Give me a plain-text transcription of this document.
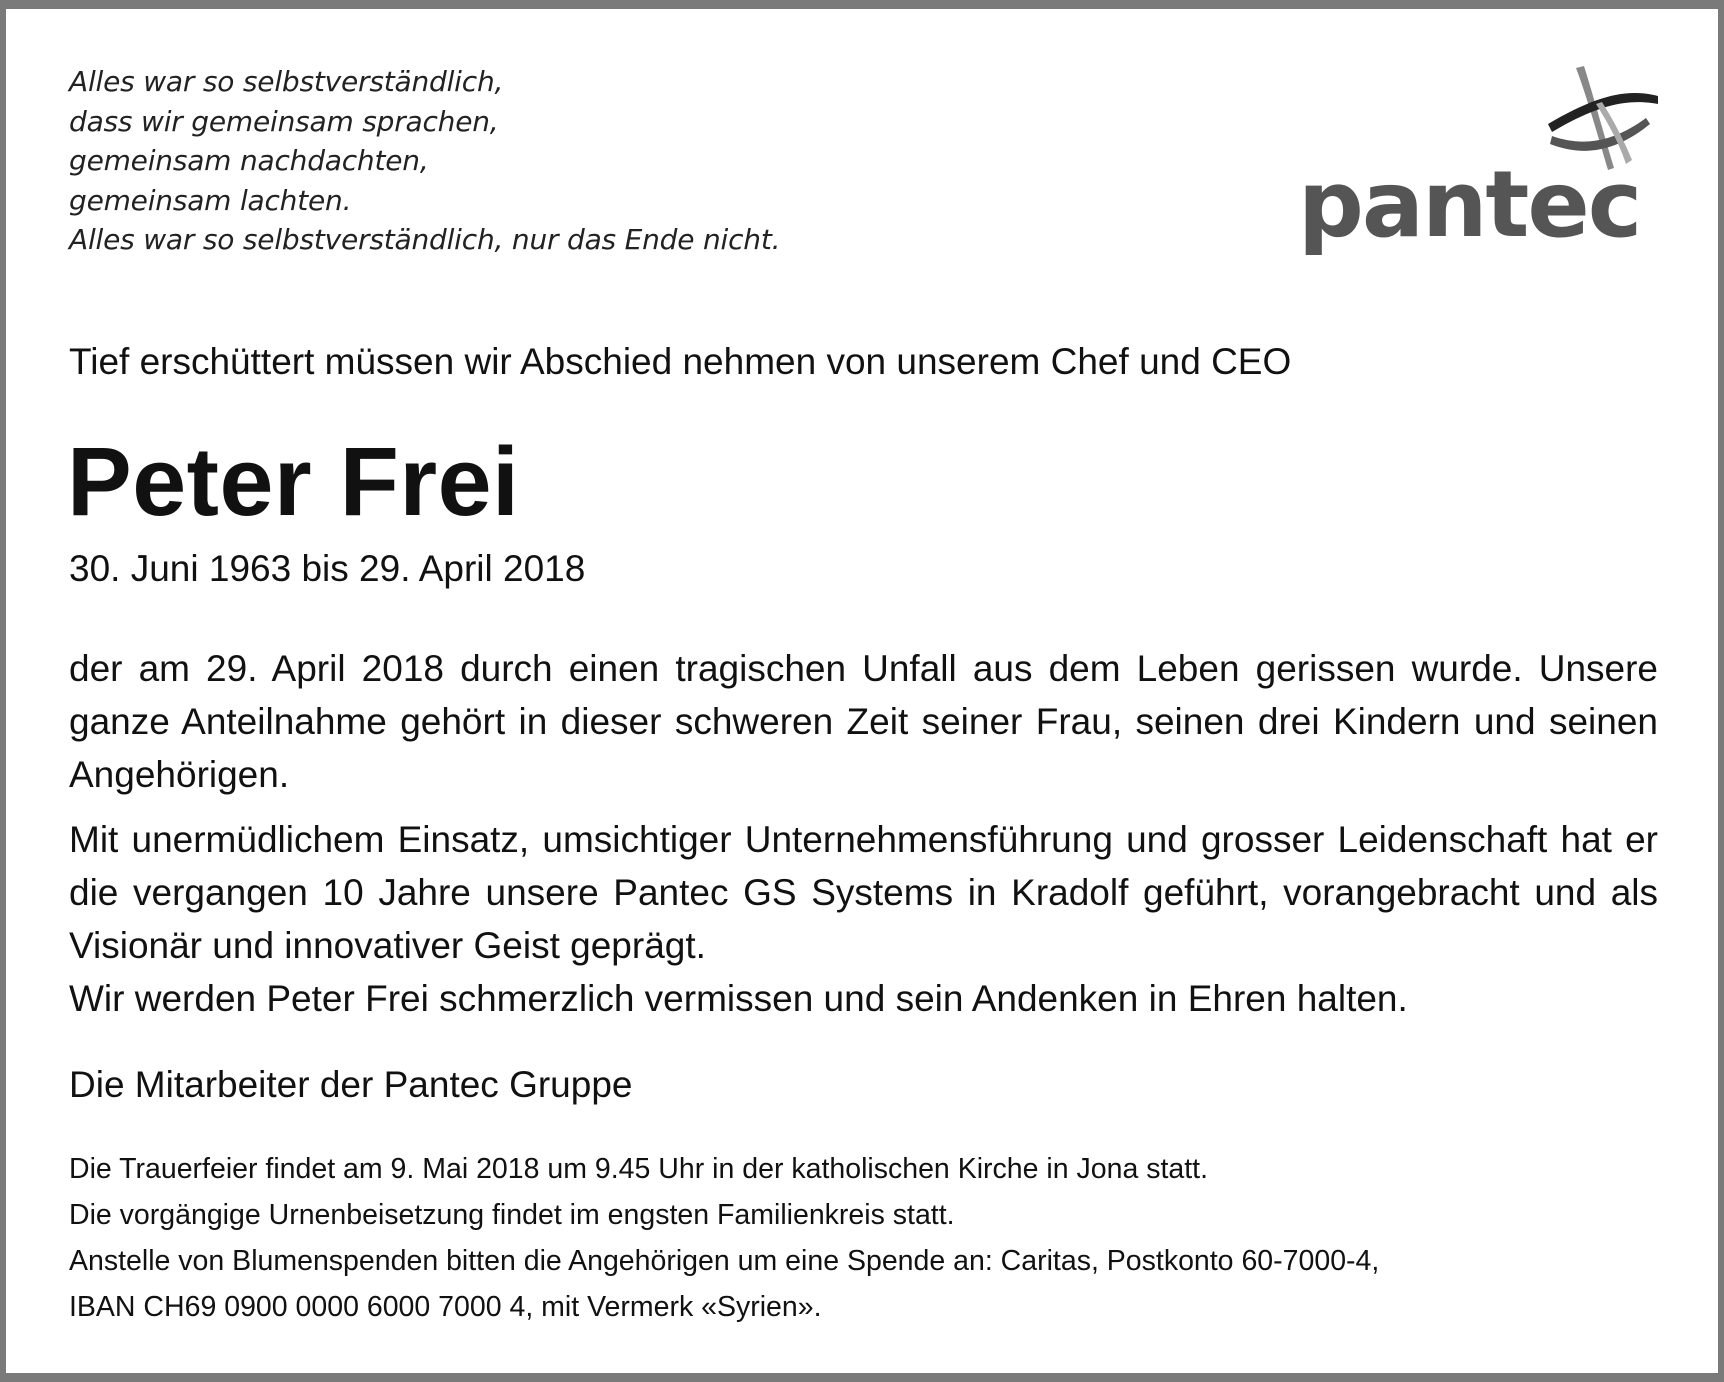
Alles war so selbstverständlich,
dass wir gemeinsam sprachen,
gemeinsam nachdachten,
gemeinsam lachten.
Alles war so selbstverständlich, nur das Ende nicht.	pantec
Tief erschüttert müssen wir Abschied nehmen von unserem Chef und CEO
Peter Frei
30. Juni 1963 bis 29. April 2018
der am 29. April 2018 durch einen tragischen Unfall aus dem Leben gerissen wurde. Unsere ganze Anteilnahme gehört in dieser schweren Zeit seiner Frau, seinen drei Kindern und seinen Angehörigen.
Mit unermüdlichem Einsatz, umsichtiger Unternehmensführung und grosser Leidenschaft hat er die vergangen 10 Jahre unsere Pantec GS Systems in Kradolf geführt, vorangebracht und als Visionär und innovativer Geist geprägt.
Wir werden Peter Frei schmerzlich vermissen und sein Andenken in Ehren halten.
Die Mitarbeiter der Pantec Gruppe
Die Trauerfeier findet am 9. Mai 2018 um 9.45 Uhr in der katholischen Kirche in Jona statt.
Die vorgängige Urnenbeisetzung findet im engsten Familienkreis statt.
Anstelle von Blumenspenden bitten die Angehörigen um eine Spende an: Caritas, Postkonto 60-7000-4,
IBAN CH69 0900 0000 6000 7000 4, mit Vermerk «Syrien».
